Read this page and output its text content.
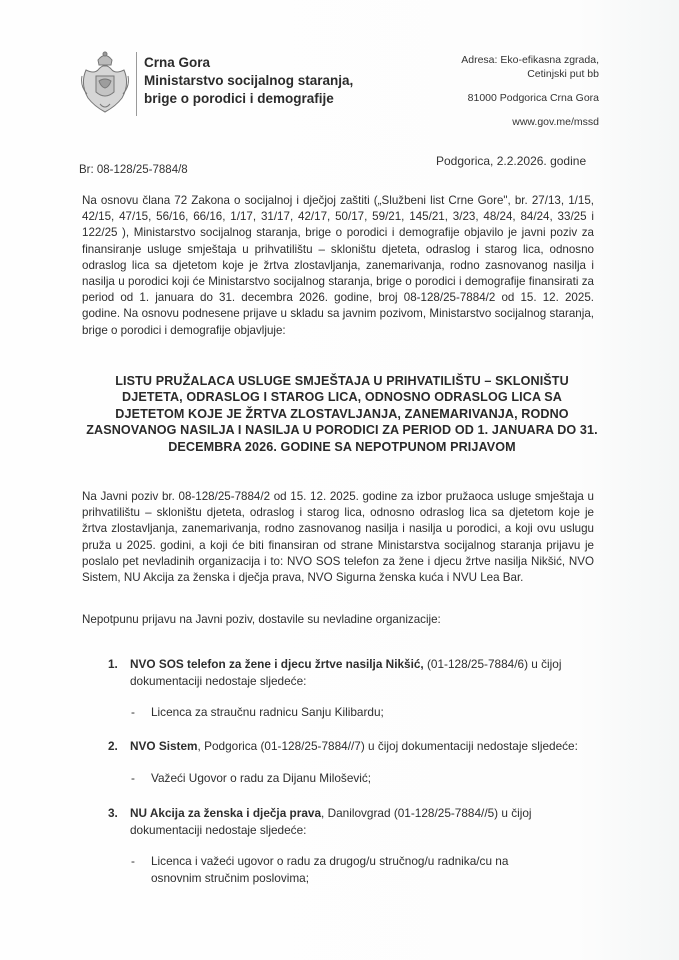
Crna Gora
Ministarstvo socijalnog staranja,
brige o porodici i demografije
Adresa: Eko-efikasna zgrada,
Cetinjski put bb
81000 Podgorica Crna Gora
www.gov.me/mssd
Br: 08-128/25-7884/8
Podgorica, 2.2.2026. godine
Na osnovu člana 72 Zakona o socijalnoj i dječjoj zaštiti („Službeni list Crne Gore", br. 27/13, 1/15, 42/15, 47/15, 56/16, 66/16, 1/17, 31/17, 42/17, 50/17, 59/21, 145/21, 3/23, 48/24, 84/24, 33/25 i 122/25 ), Ministarstvo socijalnog staranja, brige o porodici i demografije objavilo je javni poziv za finansiranje usluge smještaja u prihvatilištu – skloništu djeteta, odraslog i starog lica, odnosno odraslog lica sa djetetom koje je žrtva zlostavljanja, zanemarivanja, rodno zasnovanog nasilja i nasilja u porodici koji će Ministarstvo socijalnog staranja, brige o porodici i demografije finansirati za period od 1. januara do 31. decembra 2026. godine, broj 08-128/25-7884/2 od 15. 12. 2025. godine. Na osnovu podnesene prijave u skladu sa javnim pozivom, Ministarstvo socijalnog staranja, brige o porodici i demografije objavljuje:
LISTU PRUŽALACA USLUGE SMJEŠTAJA U PRIHVATILIŠTU – SKLONIŠTU DJETETA, ODRASLOG I STAROG LICA, ODNOSNO ODRASLOG LICA SA DJETETOM KOJE JE ŽRTVA ZLOSTAVLJANJA, ZANEMARIVANJA, RODNO ZASNOVANOG NASILJA I NASILJA U PORODICI ZA PERIOD OD 1. JANUARA DO 31. DECEMBRA 2026. GODINE SA NEPOTPUNOM PRIJAVOM
Na Javni poziv br. 08-128/25-7884/2 od 15. 12. 2025. godine za izbor pružaoca usluge smještaja u prihvatilištu – skloništu djeteta, odraslog i starog lica, odnosno odraslog lica sa djetetom koje je žrtva zlostavljanja, zanemarivanja, rodno zasnovanog nasilja i nasilja u porodici, a koji ovu uslugu pruža u 2025. godini, a koji će biti finansiran od strane Ministarstva socijalnog staranja prijavu je poslalo pet nevladinih organizacija i to: NVO SOS telefon za žene i djecu žrtve nasilja Nikšić, NVO Sistem, NU Akcija za ženska i dječja prava, NVO Sigurna ženska kuća i NVU Lea Bar.
Nepotpunu prijavu na Javni poziv, dostavile su nevladine organizacije:
1. NVO SOS telefon za žene i djecu žrtve nasilja Nikšić, (01-128/25-7884/6) u čijoj dokumentaciji nedostaje sljedeće:
- Licenca za straučnu radnicu Sanju Kilibardu;
2. NVO Sistem, Podgorica (01-128/25-7884//7) u čijoj dokumentaciji nedostaje sljedeće:
- Važeći Ugovor o radu za Dijanu Milošević;
3. NU Akcija za ženska i dječja prava, Danilovgrad (01-128/25-7884//5) u čijoj dokumentaciji nedostaje sljedeće:
- Licenca i važeći ugovor o radu za drugog/u stručnog/u radnika/cu na osnovnim stručnim poslovima;
